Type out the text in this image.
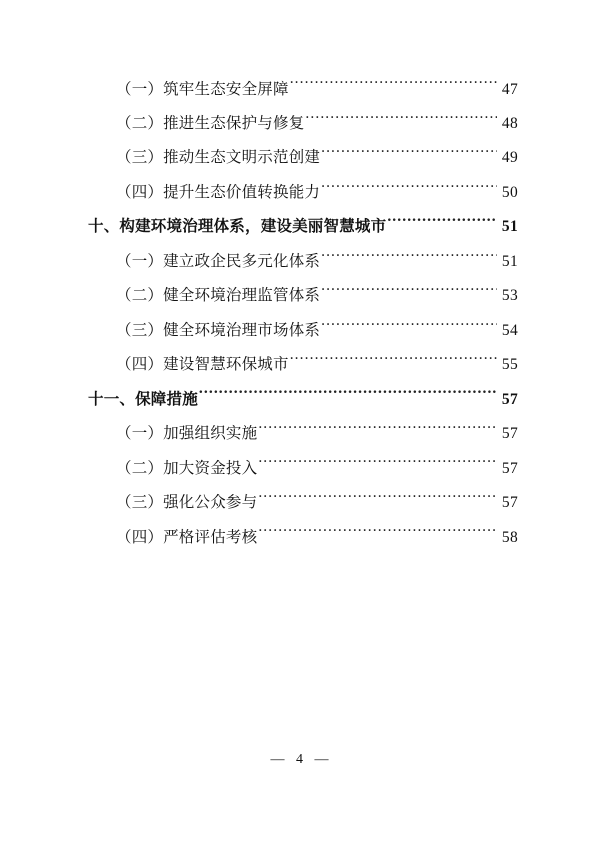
（一）筑牢生态安全屏障 .....	47
（二）推进生态保护与修复 .....	48
（三）推动生态文明示范创建 .....	49
（四）提升生态价值转换能力 .....	50
十、构建环境治理体系，建设美丽智慧城市 .....	51
（一）建立政企民多元化体系 .....	51
（二）健全环境治理监管体系 .....	53
（三）健全环境治理市场体系 .....	54
（四）建设智慧环保城市 .....	55
十一、保障措施 .....	57
（一）加强组织实施 .....	57
（二）加大资金投入 .....	57
（三）强化公众参与 .....	57
（四）严格评估考核 .....	58
— 4 —
